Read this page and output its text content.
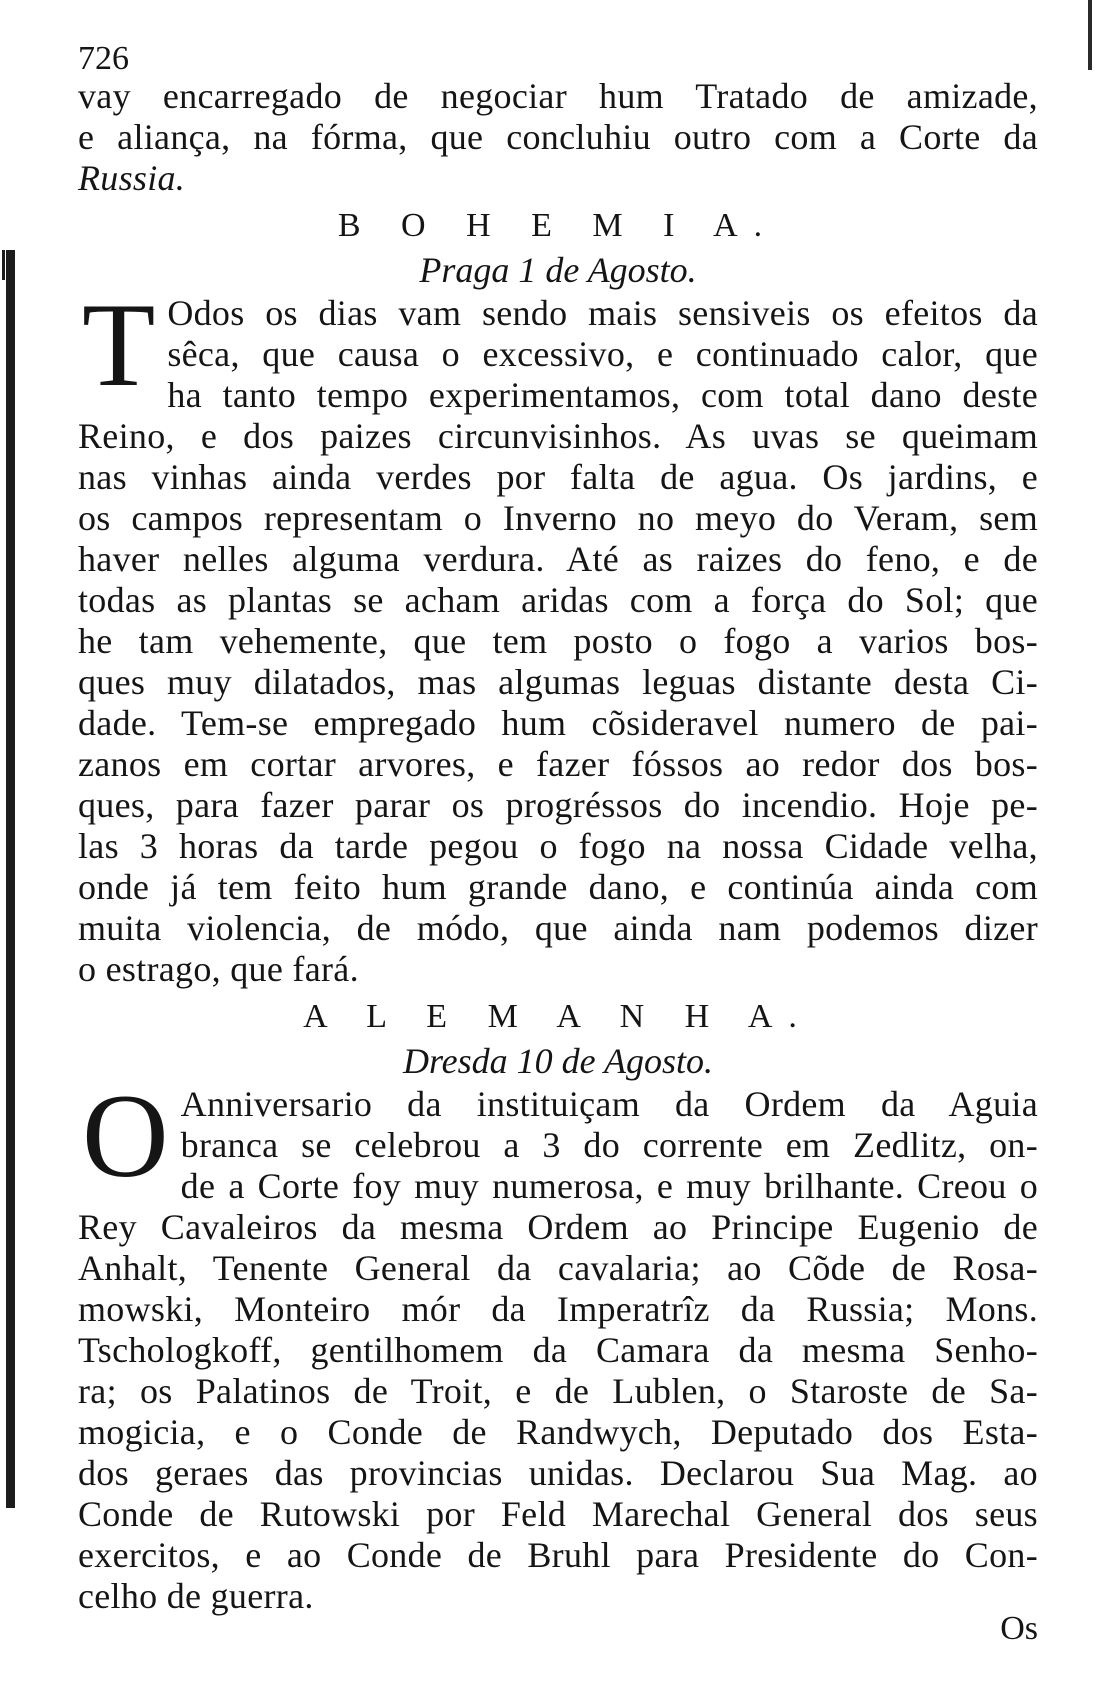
726
vay encarregado de negociar hum Tratado de amizade,
e aliança, na fórma, que concluhiu outro com a Corte da
Russia.
B O H E M I A.
Praga 1 de Agosto.
T Odos os dias vam sendo mais sensiveis os efeitos da
sêca, que causa o excessivo, e continuado calor, que
ha tanto tempo experimentamos, com total dano deste
Reino, e dos paizes circunvisinhos. As uvas se queimam
nas vinhas ainda verdes por falta de agua. Os jardins, e
os campos representam o Inverno no meyo do Veram, sem
haver nelles alguma verdura. Até as raizes do feno, e de
todas as plantas se acham aridas com a força do Sol; que
he tam vehemente, que tem posto o fogo a varios bos-
ques muy dilatados, mas algumas leguas distante desta Ci-
dade. Tem-se empregado hum cõsideravel numero de pai-
zanos em cortar arvores, e fazer fóssos ao redor dos bos-
ques, para fazer parar os progréssos do incendio. Hoje pe-
las 3 horas da tarde pegou o fogo na nossa Cidade velha,
onde já tem feito hum grande dano, e continúa ainda com
muita violencia, de módo, que ainda nam podemos dizer
o estrago, que fará.
A L E M A N H A.
Dresda 10 de Agosto.
O Anniversario da instituiçam da Ordem da Aguia
branca se celebrou a 3 do corrente em Zedlitz, on-
de a Corte foy muy numerosa, e muy brilhante. Creou o
Rey Cavaleiros da mesma Ordem ao Principe Eugenio de
Anhalt, Tenente General da cavalaria; ao Cõde de Rosa-
mowski, Monteiro mór da Imperatrîz da Russia; Mons.
Tschologkoff, gentilhomem da Camara da mesma Senho-
ra; os Palatinos de Troit, e de Lublen, o Staroste de Sa-
mogicia, e o Conde de Randwych, Deputado dos Esta-
dos geraes das provincias unidas. Declarou Sua Mag. ao
Conde de Rutowski por Feld Marechal General dos seus
exercitos, e ao Conde de Bruhl para Presidente do Con-
celho de guerra.
Os
